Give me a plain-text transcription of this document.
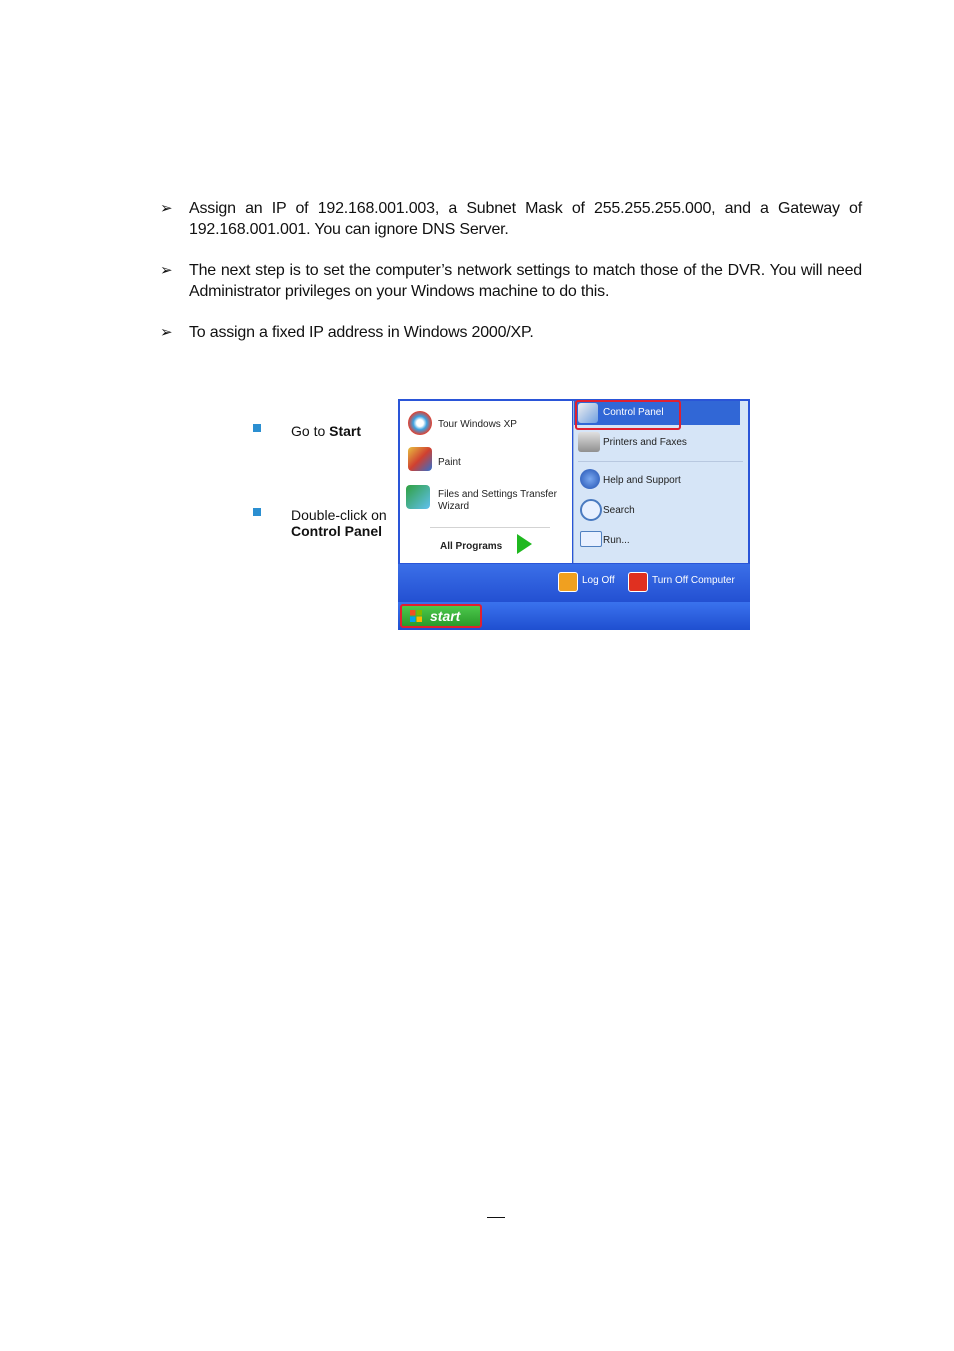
➢ Assign an IP of 192.168.001.003, a Subnet Mask of 255.255.255.000, and a Gateway of 192.168.001.001. You can ignore DNS Server.
➢ The next step is to set the computer’s network settings to match those of the DVR. You will need Administrator privileges on your Windows machine to do this.
➢ To assign a fixed IP address in Windows 2000/XP.
Go to Start
Double-click on
Control Panel
Tour Windows XP
Paint
Files and Settings Transfer Wizard
All Programs
Control Panel
Printers and Faxes
Help and Support
Search
Run...
Log Off	Turn Off Computer
start
